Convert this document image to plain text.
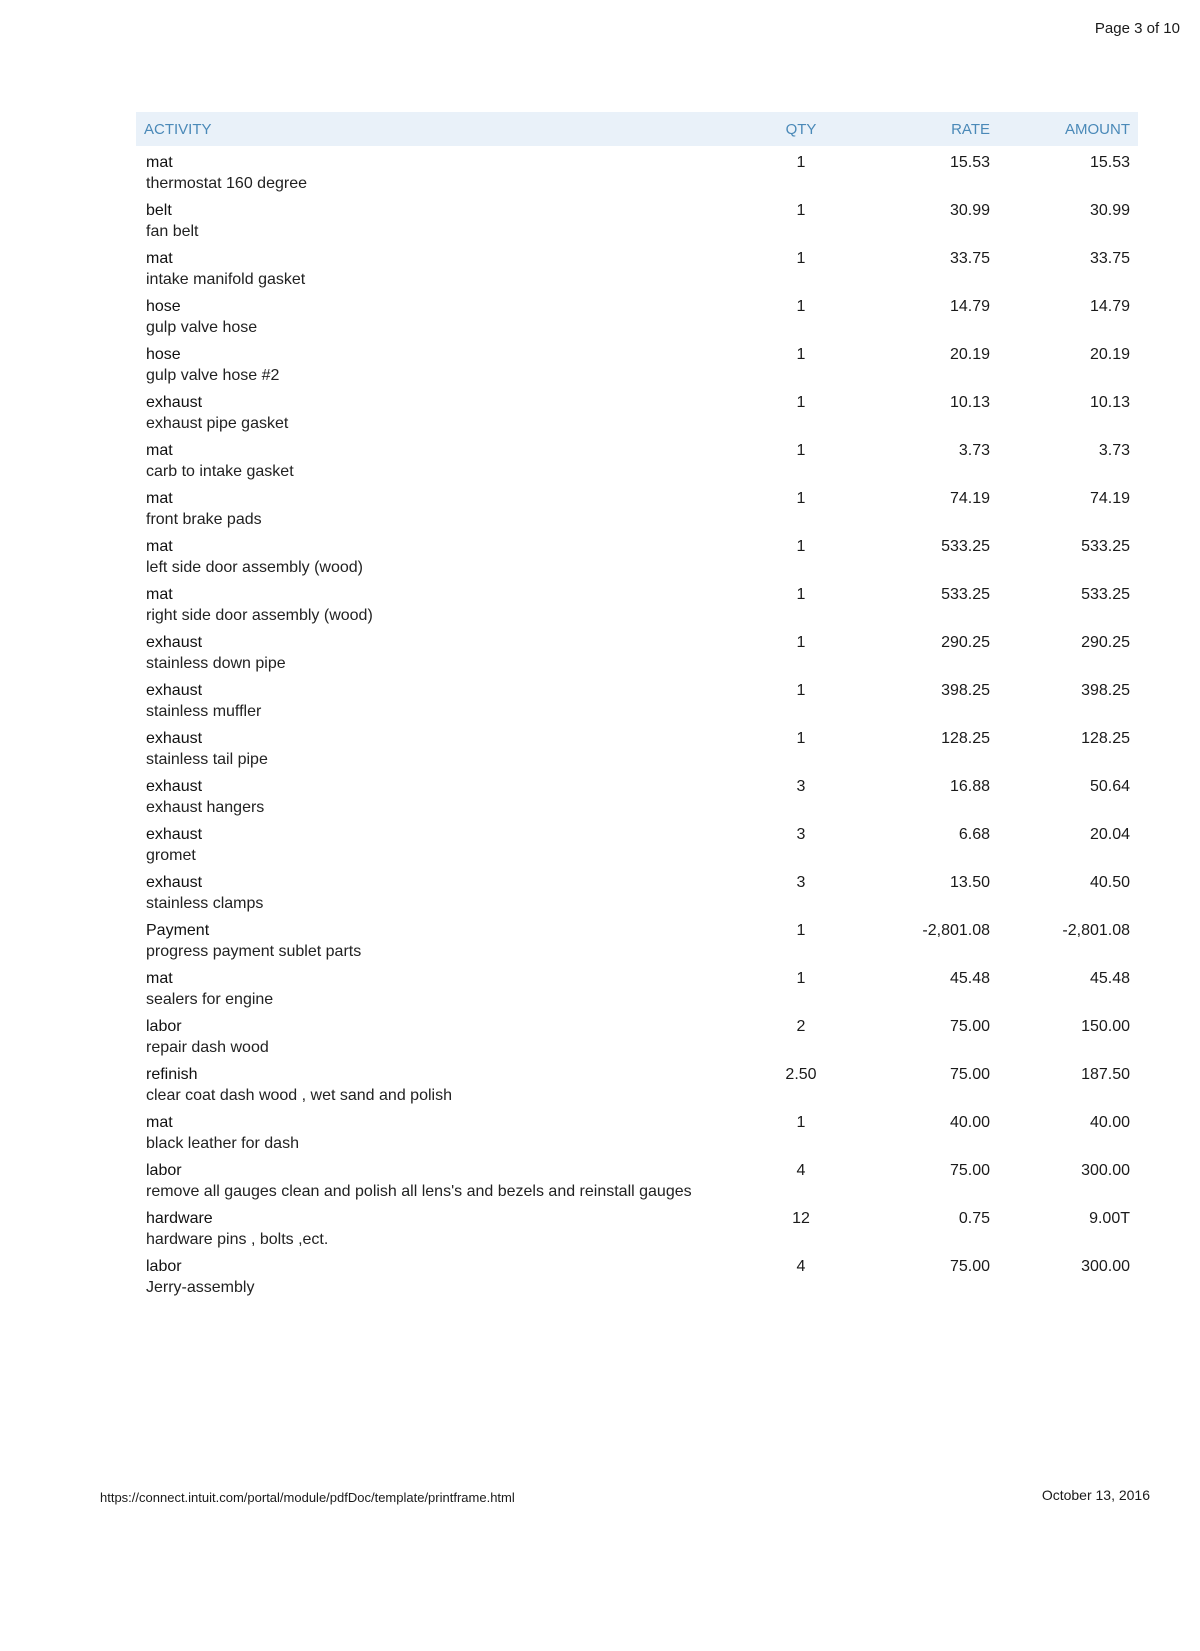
Page 3 of 10
ACTIVITY	QTY	RATE	AMOUNT
mat
thermostat 160 degree
1	15.53	15.53
belt
fan belt
1	30.99	30.99
mat
intake manifold gasket
1	33.75	33.75
hose
gulp valve hose
1	14.79	14.79
hose
gulp valve hose #2
1	20.19	20.19
exhaust
exhaust pipe gasket
1	10.13	10.13
mat
carb to intake gasket
1	3.73	3.73
mat
front brake pads
1	74.19	74.19
mat
left side door assembly (wood)
1	533.25	533.25
mat
right side door assembly (wood)
1	533.25	533.25
exhaust
stainless down pipe
1	290.25	290.25
exhaust
stainless muffler
1	398.25	398.25
exhaust
stainless tail pipe
1	128.25	128.25
exhaust
exhaust hangers
3	16.88	50.64
exhaust
gromet
3	6.68	20.04
exhaust
stainless clamps
3	13.50	40.50
Payment
progress payment sublet parts
1	-2,801.08	-2,801.08
mat
sealers for engine
1	45.48	45.48
labor
repair dash wood
2	75.00	150.00
refinish
clear coat dash wood , wet sand and polish
2.50	75.00	187.50
mat
black leather for dash
1	40.00	40.00
labor
remove all gauges clean and polish all lens's and bezels and reinstall gauges
4	75.00	300.00
hardware
hardware pins , bolts ,ect.
12	0.75	9.00T
labor
Jerry-assembly
4	75.00	300.00
https://connect.intuit.com/portal/module/pdfDoc/template/printframe.html	October 13, 2016
